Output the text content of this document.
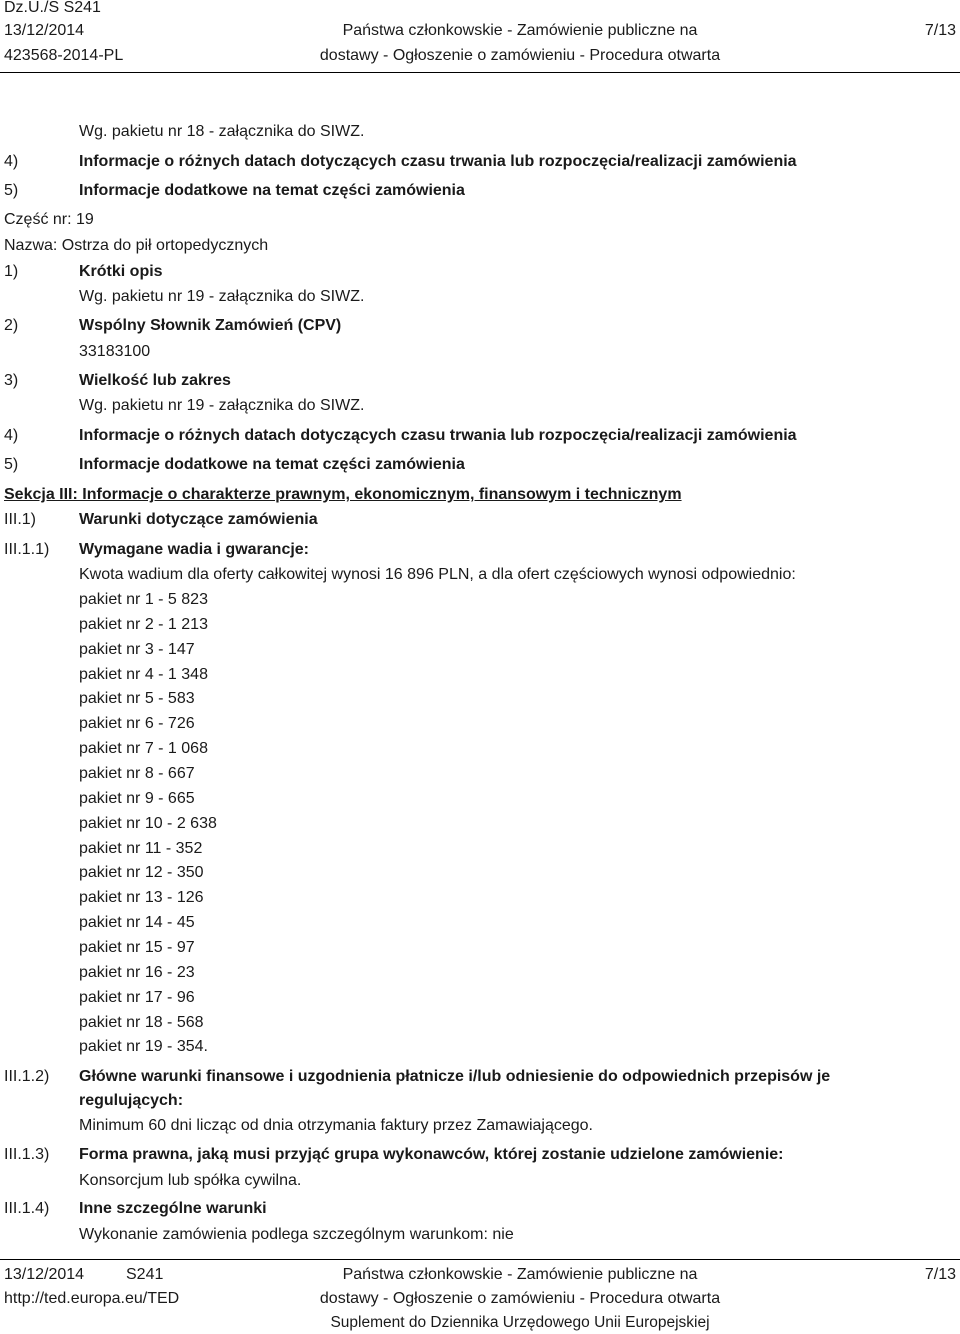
Dz.U./S S241
13/12/2014
423568-2014-PL
Państwa członkowskie - Zamówienie publiczne na
dostawy - Ogłoszenie o zamówieniu - Procedura otwarta
7/13
Wg. pakietu nr 18 - załącznika do SIWZ.
4)	Informacje o różnych datach dotyczących czasu trwania lub rozpoczęcia/realizacji zamówienia
5)	Informacje dodatkowe na temat części zamówienia
Część nr: 19
Nazwa: Ostrza do pił ortopedycznych
1)	Krótki opis
Wg. pakietu nr 19 - załącznika do SIWZ.
2)	Wspólny Słownik Zamówień (CPV)
33183100
3)	Wielkość lub zakres
Wg. pakietu nr 19 - załącznika do SIWZ.
4)	Informacje o różnych datach dotyczących czasu trwania lub rozpoczęcia/realizacji zamówienia
5)	Informacje dodatkowe na temat części zamówienia
Sekcja III: Informacje o charakterze prawnym, ekonomicznym, finansowym i technicznym
III.1)	Warunki dotyczące zamówienia
III.1.1) Wymagane wadia i gwarancje:
Kwota wadium dla oferty całkowitej wynosi 16 896 PLN, a dla ofert częściowych wynosi odpowiednio:
pakiet nr 1 - 5 823
pakiet nr 2 - 1 213
pakiet nr 3 - 147
pakiet nr 4 - 1 348
pakiet nr 5 - 583
pakiet nr 6 - 726
pakiet nr 7 - 1 068
pakiet nr 8 - 667
pakiet nr 9 - 665
pakiet nr 10 - 2 638
pakiet nr 11 - 352
pakiet nr 12 - 350
pakiet nr 13 - 126
pakiet nr 14 - 45
pakiet nr 15 - 97
pakiet nr 16 - 23
pakiet nr 17 - 96
pakiet nr 18 - 568
pakiet nr 19 - 354.
III.1.2) Główne warunki finansowe i uzgodnienia płatnicze i/lub odniesienie do odpowiednich przepisów je
regulujących:
Minimum 60 dni licząc od dnia otrzymania faktury przez Zamawiającego.
III.1.3) Forma prawna, jaką musi przyjąć grupa wykonawców, której zostanie udzielone zamówienie:
Konsorcjum lub spółka cywilna.
III.1.4) Inne szczególne warunki
Wykonanie zamówienia podlega szczególnym warunkom: nie
13/12/2014	S241
http://ted.europa.eu/TED
Państwa członkowskie - Zamówienie publiczne na
dostawy - Ogłoszenie o zamówieniu - Procedura otwarta
Suplement do Dziennika Urzędowego Unii Europejskiej
7/13
